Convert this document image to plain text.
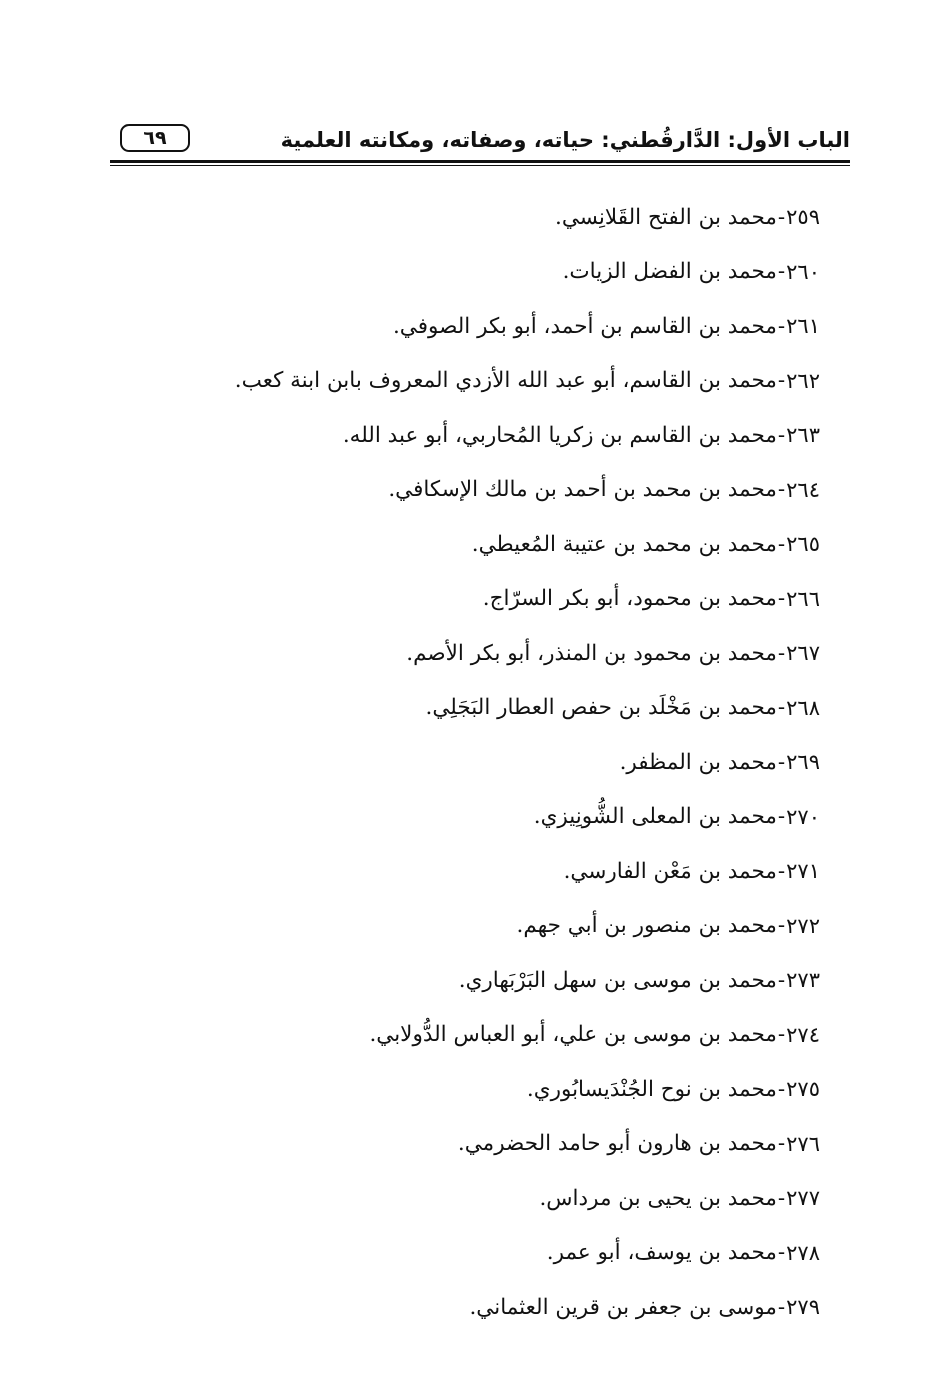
الباب الأول: الدَّارقُطني: حياته، وصفاته، ومكانته العلمية
٦٩
٢٥٩
-
محمد بن الفتح القَلانِسي.
٢٦٠
-
محمد بن الفضل الزيات.
٢٦١
-
محمد بن القاسم بن أحمد، أبو بكر الصوفي.
٢٦٢
-
محمد بن القاسم، أبو عبد الله الأزدي المعروف بابن ابنة كعب.
٢٦٣
-
محمد بن القاسم بن زكريا المُحاربي، أبو عبد الله.
٢٦٤
-
محمد بن محمد بن أحمد بن مالك الإسكافي.
٢٦٥
-
محمد بن محمد بن عتيبة المُعيطي.
٢٦٦
-
محمد بن محمود، أبو بكر السرّاج.
٢٦٧
-
محمد بن محمود بن المنذر، أبو بكر الأصم.
٢٦٨
-
محمد بن مَخْلَد بن حفص العطار البَجَلِي.
٢٦٩
-
محمد بن المظفر.
٢٧٠
-
محمد بن المعلى الشُّونِيزي.
٢٧١
-
محمد بن مَعْن الفارسي.
٢٧٢
-
محمد بن منصور بن أبي جهم.
٢٧٣
-
محمد بن موسى بن سهل البَرْبَهاري.
٢٧٤
-
محمد بن موسى بن علي، أبو العباس الدُّولابي.
٢٧٥
-
محمد بن نوح الجُنْدَيسابُوري.
٢٧٦
-
محمد بن هارون أبو حامد الحضرمي.
٢٧٧
-
محمد بن يحيى بن مرداس.
٢٧٨
-
محمد بن يوسف، أبو عمر.
٢٧٩
-
موسى بن جعفر بن قرين العثماني.
